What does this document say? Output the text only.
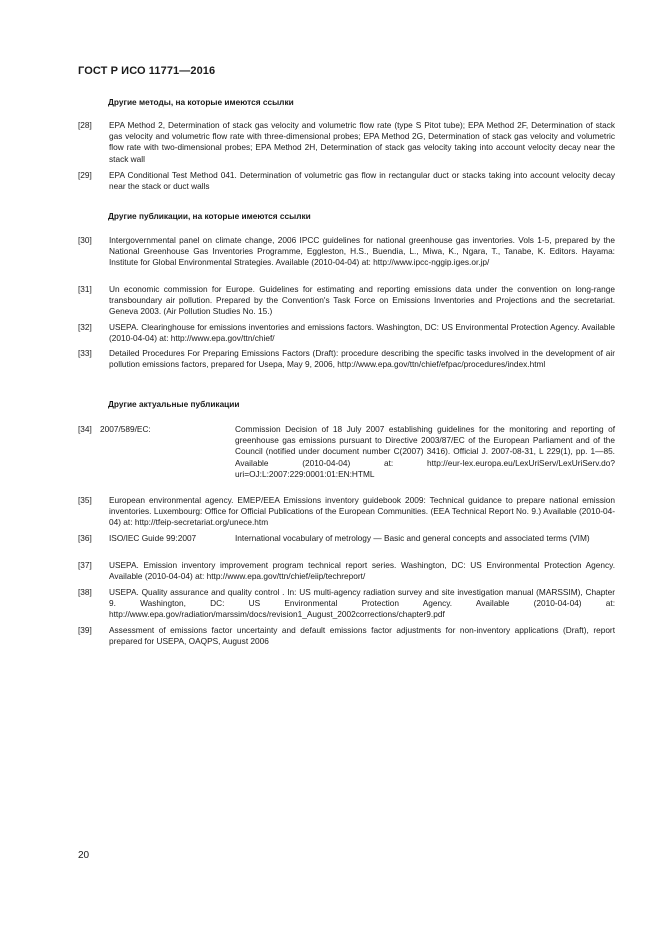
ГОСТ Р ИСО 11771—2016
Другие методы, на которые имеются ссылки
[28] EPA Method 2, Determination of stack gas velocity and volumetric flow rate (type S Pitot tube); EPA Method 2F, Determination of stack gas velocity and volumetric flow rate with three-dimensional probes; EPA Method 2G, Determination of stack gas velocity and volumetric flow rate with two-dimensional probes; EPA Method 2H, Determination of stack gas velocity taking into account velocity decay near the stack wall
[29] EPA Conditional Test Method 041. Determination of volumetric gas flow in rectangular duct or stacks taking into account velocity decay near the stack or duct walls
Другие публикации, на которые имеются ссылки
[30] Intergovernmental panel on climate change, 2006 IPCC guidelines for national greenhouse gas inventories. Vols 1-5, prepared by the National Greenhouse Gas Inventories Programme, Eggleston, H.S., Buendia, L., Miwa, K., Ngara, T., Tanabe, K. Editors. Hayama: Institute for Global Environmental Strategies. Available (2010-04-04) at: http://www.ipcc-nggip.iges.or.jp/
[31] Un economic commission for Europe. Guidelines for estimating and reporting emissions data under the convention on long-range transboundary air pollution. Prepared by the Convention's Task Force on Emissions Inventories and Projections and the secretariat. Geneva 2003. (Air Pollution Studies No. 15.)
[32] USEPA. Clearinghouse for emissions inventories and emissions factors. Washington, DC: US Environmental Protection Agency. Available (2010-04-04) at: http://www.epa.gov/ttn/chief/
[33] Detailed Procedures For Preparing Emissions Factors (Draft): procedure describing the specific tasks involved in the development of air pollution emissions factors, prepared for Usepa, May 9, 2006, http://www.epa.gov/ttn/chief/efpac/procedures/index.html
Другие актуальные публикации
[34] 2007/589/EC:	Commission Decision of 18 July 2007 establishing guidelines for the monitoring and reporting of greenhouse gas emissions pursuant to Directive 2003/87/EC of the European Parliament and of the Council (notified under document number C(2007) 3416). Official J. 2007-08-31, L 229(1), pp. 1—85. Available (2010-04-04) at: http://eur-lex.europa.eu/LexUriServ/LexUriServ.do?uri=OJ:L:2007:229:0001:01:EN:HTML
[35] European environmental agency. EMEP/EEA Emissions inventory guidebook 2009: Technical guidance to prepare national emission inventories. Luxembourg: Office for Official Publications of the European Communities. (EEA Technical Report No. 9.) Available (2010-04-04) at: http://tfeip-secretariat.org/unece.htm
[36] ISO/IEC Guide 99:2007	International vocabulary of metrology — Basic and general concepts and associated terms (VIM)
[37] USEPA. Emission inventory improvement program technical report series. Washington, DC: US Environmental Protection Agency. Available (2010-04-04) at: http://www.epa.gov/ttn/chief/eiip/techreport/
[38] USEPA. Quality assurance and quality control . In: US multi-agency radiation survey and site investigation manual (MARSSIM), Chapter 9. Washington, DC: US Environmental Protection Agency. Available (2010-04-04) at: http://www.epa.gov/radiation/marssim/docs/revision1_August_2002corrections/chapter9.pdf
[39] Assessment of emissions factor uncertainty and default emissions factor adjustments for non-inventory applications (Draft), report prepared for USEPA, OAQPS, August 2006
20
